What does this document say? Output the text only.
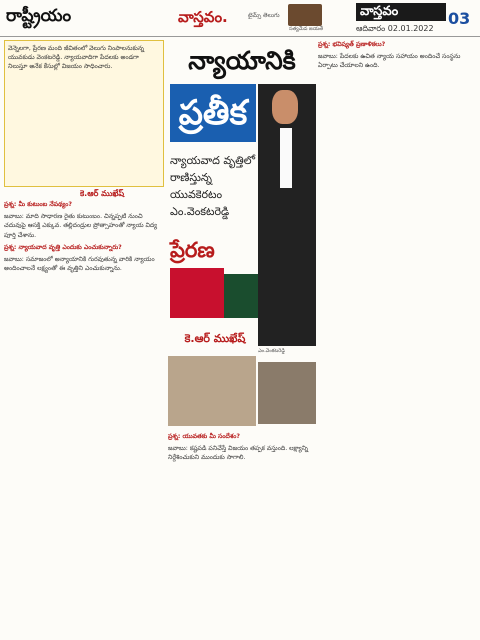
రాష్ట్రీయం	వాస్తవం.	టైమ్స్ తెలుగు
సత్యమేవ జయతే
వాస్తవం
ఆదివారం 02.01.2022
03

వెన్నెలగా, ప్రేరణ మంది జీవితంలో వెలుగు నింపాలనుకున్న యువకుడు వెంకటరెడ్డి. న్యాయవాదిగా పేదలకు అండగా నిలుస్తూ అనేక కేసుల్లో విజయం సాధించారు.

కె.ఆర్ ముఖేష్

ప్రశ్న: మీ కుటుంబ నేపథ్యం?

జవాబు: మాది సాధారణ రైతు కుటుంబం. చిన్నప్పటి నుంచి చదువుపై ఆసక్తి ఎక్కువ. తల్లిదండ్రుల ప్రోత్సాహంతో న్యాయ విద్య పూర్తి చేశాను.

ప్రశ్న: న్యాయవాద వృత్తి ఎందుకు ఎంచుకున్నారు?

జవాబు: సమాజంలో అన్యాయానికి గురవుతున్న వారికి న్యాయం అందించాలనే లక్ష్యంతో ఈ వృత్తిని ఎంచుకున్నాను.

న్యాయానికి
ప్రతీక
న్యాయవాద వృత్తిలో రాణిస్తున్న యువకెరటం ఎం.వెంకటరెడ్డి
ప్రేరణ
కె.ఆర్ ముఖేష్
ఎం.వెంకటరెడ్డి

ప్రశ్న: యువతకు మీ సందేశం?

జవాబు: కష్టపడి పనిచేస్తే విజయం తప్పక వస్తుంది. లక్ష్యాన్ని నిర్దేశించుకుని ముందుకు సాగాలి.

ప్రశ్న: భవిష్యత్ ప్రణాళికలు?

జవాబు: పేదలకు ఉచిత న్యాయ సహాయం అందించే సంస్థను ఏర్పాటు చేయాలని ఉంది.
